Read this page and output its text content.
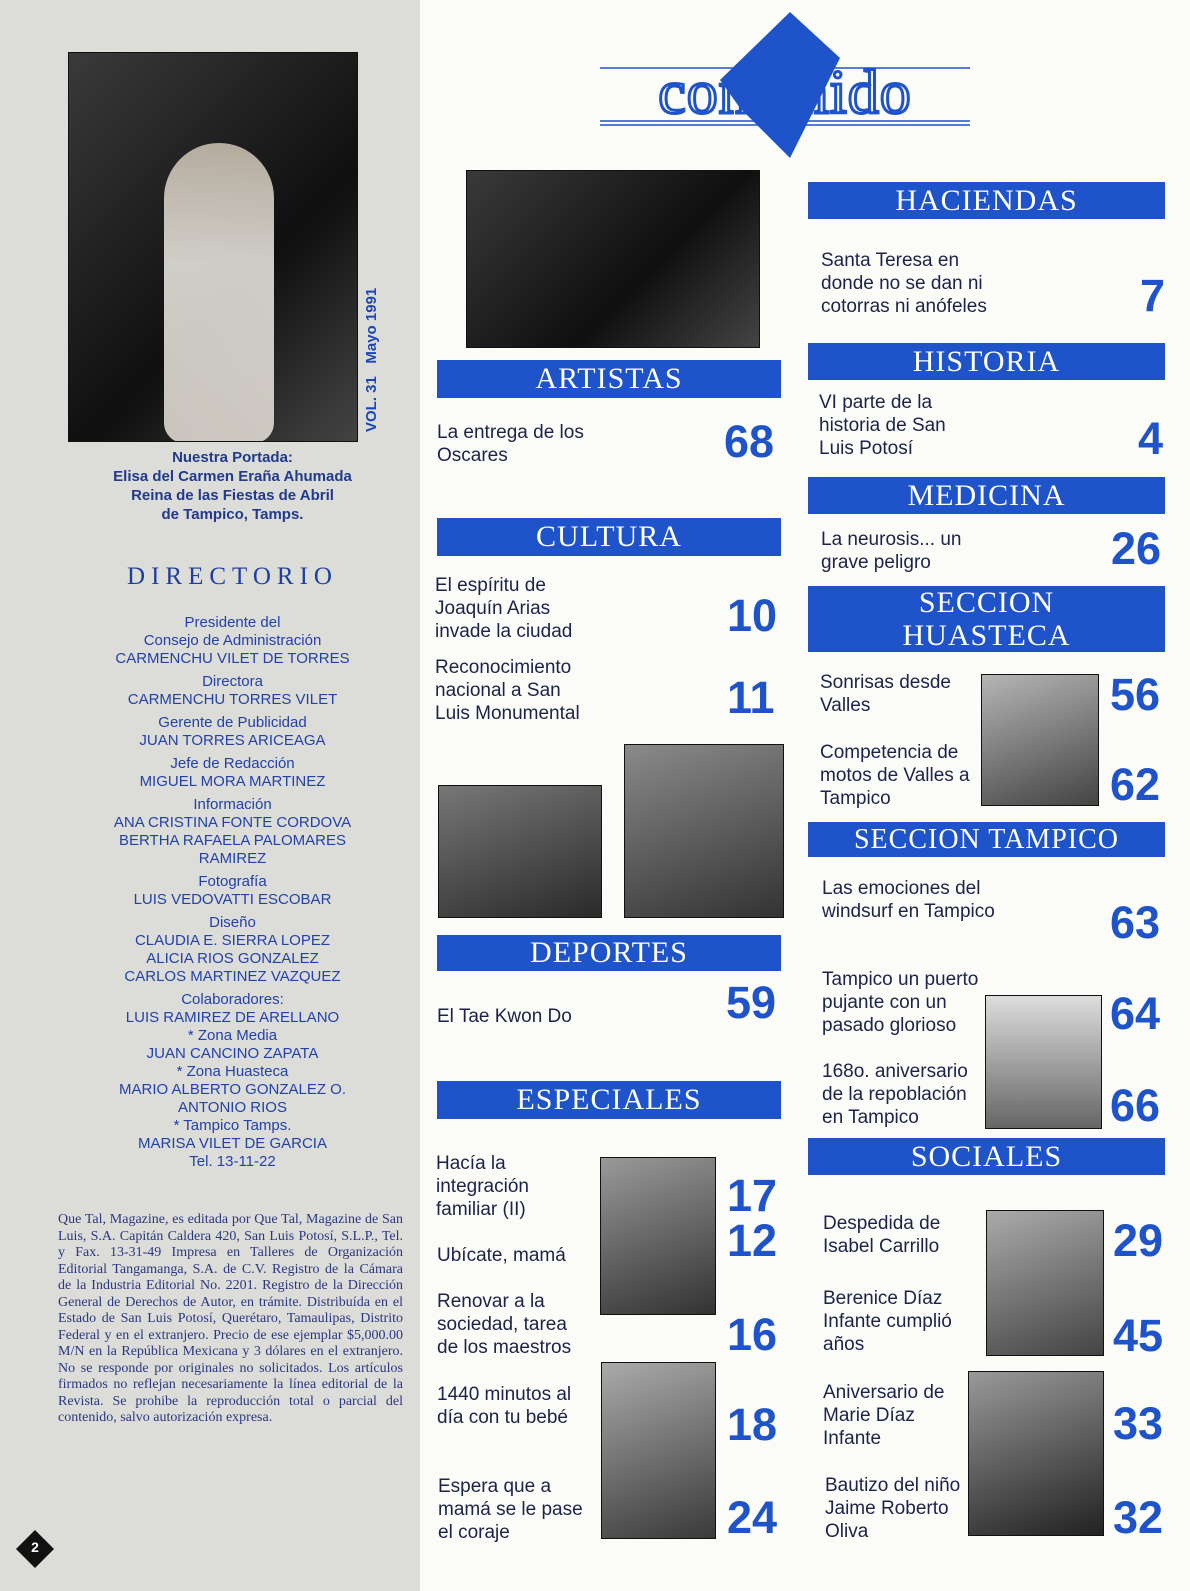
VOL. 31   Mayo 1991
Nuestra Portada:
Elisa del Carmen Eraña Ahumada
Reina de las Fiestas de Abril
de Tampico, Tamps.
DIRECTORIO
Presidente del
Consejo de Administración
CARMENCHU VILET DE TORRES
Directora
CARMENCHU TORRES VILET
Gerente de Publicidad
JUAN TORRES ARICEAGA
Jefe de Redacción
MIGUEL MORA MARTINEZ
Información
ANA CRISTINA FONTE CORDOVA
BERTHA RAFAELA PALOMARES
RAMIREZ
Fotografía
LUIS VEDOVATTI ESCOBAR
Diseño
CLAUDIA E. SIERRA LOPEZ
ALICIA RIOS GONZALEZ
CARLOS MARTINEZ VAZQUEZ
Colaboradores:
LUIS RAMIREZ DE ARELLANO
* Zona Media
JUAN CANCINO ZAPATA
* Zona Huasteca
MARIO ALBERTO GONZALEZ O.
ANTONIO RIOS
* Tampico Tamps.
MARISA VILET DE GARCIA
Tel. 13-11-22
Que Tal, Magazine, es editada por Que Tal, Magazine de San Luis, S.A. Capitán Caldera 420, San Luis Potosí, S.L.P., Tel. y Fax. 13-31-49 Impresa en Talleres de Organización Editorial Tangamanga, S.A. de C.V. Registro de la Cámara de la Industria Editorial No. 2201. Registro de la Dirección General de Derechos de Autor, en trámite. Distribuída en el Estado de San Luis Potosí, Querétaro, Tamaulipas, Distrito Federal y en el extranjero. Precio de ese ejemplar $5,000.00 M/N en la República Mexicana y 3 dólares en el extranjero. No se responde por originales no solicitados. Los artículos firmados no reflejan necesariamente la línea editorial de la Revista. Se prohibe la reproducción total o parcial del contenido, salvo autorización expresa.
2
contenido
ARTISTAS
La entrega de los Oscares	68
CULTURA
El espíritu de Joaquín Arias invade la ciudad	10
Reconocimiento nacional a San Luis Monumental	11
DEPORTES
El Tae Kwon Do	59
ESPECIALES
Hacía la integración familiar (II)	17
Ubícate, mamá	12
Renovar a la sociedad, tarea de los maestros	16
1440 minutos al día con tu bebé	18
Espera que a mamá se le pase el coraje	24
HACIENDAS
Santa Teresa en donde no se dan ni cotorras ni anófeles	7
HISTORIA
VI parte de la historia de San Luis Potosí	4
MEDICINA
La neurosis... un grave peligro	26
SECCION
HUASTECA
Sonrisas desde Valles	56
Competencia de motos de Valles a Tampico	62
SECCION TAMPICO
Las emociones del windsurf en Tampico	63
Tampico un puerto pujante con un pasado glorioso	64
168o. aniversario de la repoblación en Tampico	66
SOCIALES
Despedida de Isabel Carrillo	29
Berenice Díaz Infante cumplió años	45
Aniversario de Marie Díaz Infante	33
Bautizo del niño Jaime Roberto Oliva	32
